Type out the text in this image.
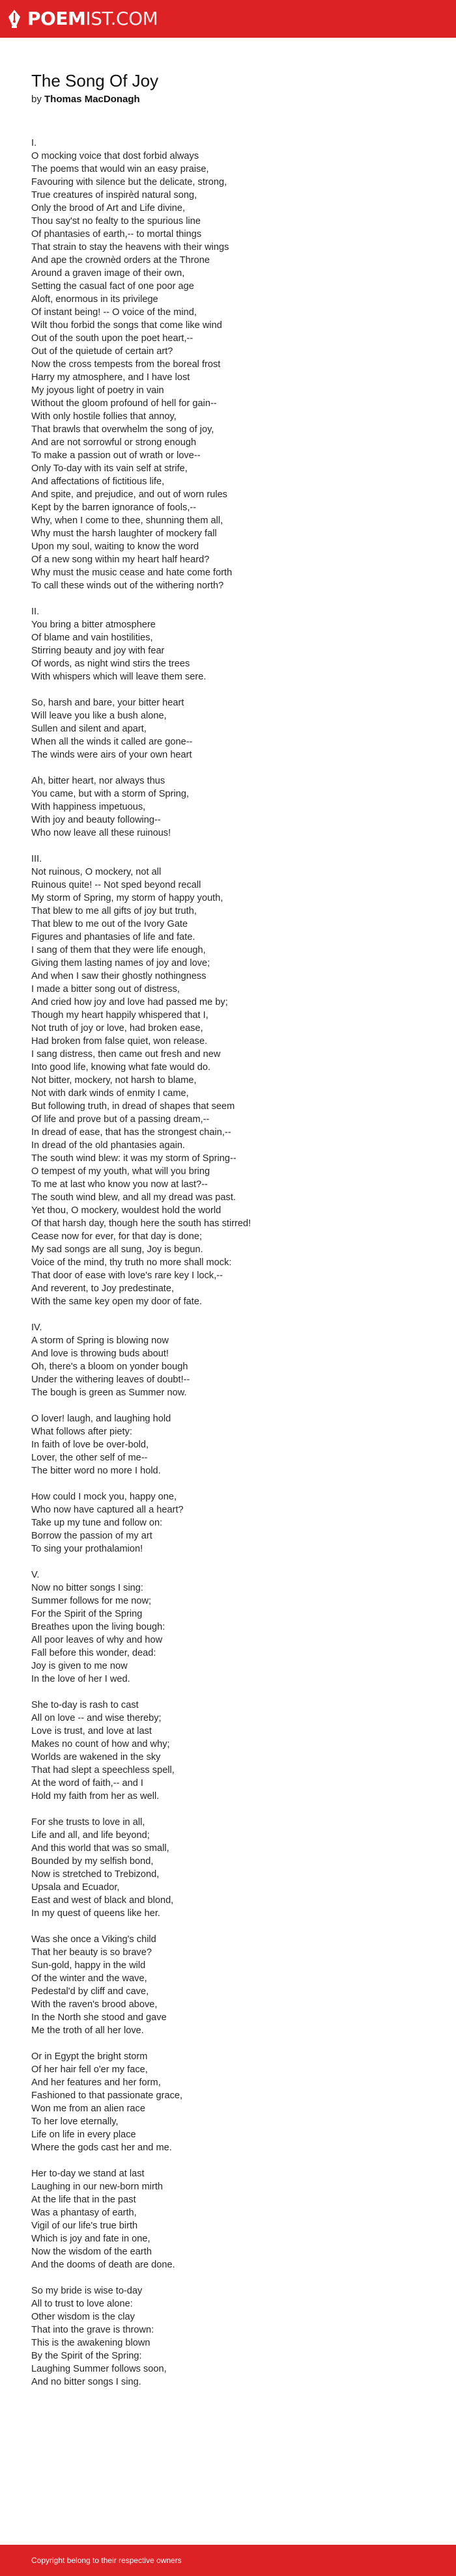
POEMIST.COM
The Song Of Joy
by Thomas MacDonagh
I.
O mocking voice that dost forbid always
The poems that would win an easy praise,
Favouring with silence but the delicate, strong,
True creatures of inspirèd natural song,
Only the brood of Art and Life divine,
Thou say'st no fealty to the spurious line
Of phantasies of earth,-- to mortal things
That strain to stay the heavens with their wings
And ape the crownèd orders at the Throne
Around a graven image of their own,
Setting the casual fact of one poor age
Aloft, enormous in its privilege
Of instant being! -- O voice of the mind,
Wilt thou forbid the songs that come like wind
Out of the south upon the poet heart,--
Out of the quietude of certain art?
Now the cross tempests from the boreal frost
Harry my atmosphere, and I have lost
My joyous light of poetry in vain
Without the gloom profound of hell for gain--
With only hostile follies that annoy,
That brawls that overwhelm the song of joy,
And are not sorrowful or strong enough
To make a passion out of wrath or love--
Only To-day with its vain self at strife,
And affectations of fictitious life,
And spite, and prejudice, and out of worn rules
Kept by the barren ignorance of fools,--
Why, when I come to thee, shunning them all,
Why must the harsh laughter of mockery fall
Upon my soul, waiting to know the word
Of a new song within my heart half heard?
Why must the music cease and hate come forth
To call these winds out of the withering north?
II.
You bring a bitter atmosphere
Of blame and vain hostilities,
Stirring beauty and joy with fear
Of words, as night wind stirs the trees
With whispers which will leave them sere.
So, harsh and bare, your bitter heart
Will leave you like a bush alone,
Sullen and silent and apart,
When all the winds it called are gone--
The winds were airs of your own heart
Ah, bitter heart, nor always thus
You came, but with a storm of Spring,
With happiness impetuous,
With joy and beauty following--
Who now leave all these ruinous!
III.
Not ruinous, O mockery, not all
Ruinous quite! -- Not sped beyond recall
My storm of Spring, my storm of happy youth,
That blew to me all gifts of joy but truth,
That blew to me out of the Ivory Gate
Figures and phantasies of life and fate.
I sang of them that they were life enough,
Giving them lasting names of joy and love;
And when I saw their ghostly nothingness
I made a bitter song out of distress,
And cried how joy and love had passed me by;
Though my heart happily whispered that I,
Not truth of joy or love, had broken ease,
Had broken from false quiet, won release.
I sang distress, then came out fresh and new
Into good life, knowing what fate would do.
Not bitter, mockery, not harsh to blame,
Not with dark winds of enmity I came,
But following truth, in dread of shapes that seem
Of life and prove but of a passing dream,--
In dread of ease, that has the strongest chain,--
In dread of the old phantasies again.
The south wind blew: it was my storm of Spring--
O tempest of my youth, what will you bring
To me at last who know you now at last?--
The south wind blew, and all my dread was past.
Yet thou, O mockery, wouldest hold the world
Of that harsh day, though here the south has stirred!
Cease now for ever, for that day is done;
My sad songs are all sung, Joy is begun.
Voice of the mind, thy truth no more shall mock:
That door of ease with love's rare key I lock,--
And reverent, to Joy predestinate,
With the same key open my door of fate.
IV.
A storm of Spring is blowing now
And love is throwing buds about!
Oh, there's a bloom on yonder bough
Under the withering leaves of doubt!--
The bough is green as Summer now.
O lover! laugh, and laughing hold
What follows after piety:
In faith of love be over-bold,
Lover, the other self of me--
The bitter word no more I hold.
How could I mock you, happy one,
Who now have captured all a heart?
Take up my tune and follow on:
Borrow the passion of my art
To sing your prothalamion!
V.
Now no bitter songs I sing:
Summer follows for me now;
For the Spirit of the Spring
Breathes upon the living bough:
All poor leaves of why and how
Fall before this wonder, dead:
Joy is given to me now
In the love of her I wed.
She to-day is rash to cast
All on love -- and wise thereby;
Love is trust, and love at last
Makes no count of how and why;
Worlds are wakened in the sky
That had slept a speechless spell,
At the word of faith,-- and I
Hold my faith from her as well.
For she trusts to love in all,
Life and all, and life beyond;
And this world that was so small,
Bounded by my selfish bond,
Now is stretched to Trebizond,
Upsala and Ecuador,
East and west of black and blond,
In my quest of queens like her.
Was she once a Viking's child
That her beauty is so brave?
Sun-gold, happy in the wild
Of the winter and the wave,
Pedestal'd by cliff and cave,
With the raven's brood above,
In the North she stood and gave
Me the troth of all her love.
Or in Egypt the bright storm
Of her hair fell o'er my face,
And her features and her form,
Fashioned to that passionate grace,
Won me from an alien race
To her love eternally,
Life on life in every place
Where the gods cast her and me.
Her to-day we stand at last
Laughing in our new-born mirth
At the life that in the past
Was a phantasy of earth,
Vigil of our life's true birth
Which is joy and fate in one,
Now the wisdom of the earth
And the dooms of death are done.
So my bride is wise to-day
All to trust to love alone:
Other wisdom is the clay
That into the grave is thrown:
This is the awakening blown
By the Spirit of the Spring:
Laughing Summer follows soon,
And no bitter songs I sing.
Copyright belong to their respective owners
